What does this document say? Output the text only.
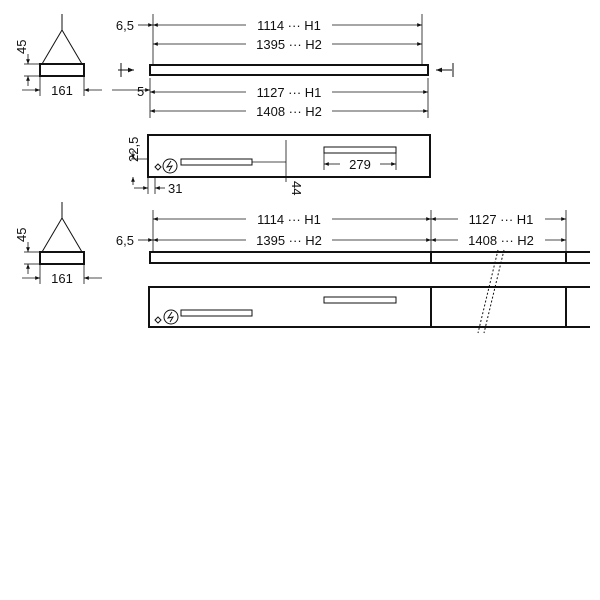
45
161
6,5	1114 ··· H1
1395 ··· H2
5	1127 ··· H1
1408 ··· H2
22,5
279
31	44
45
161
6,5
1114 ··· H1
1395 ··· H2
1127 ··· H1
1408 ··· H2
